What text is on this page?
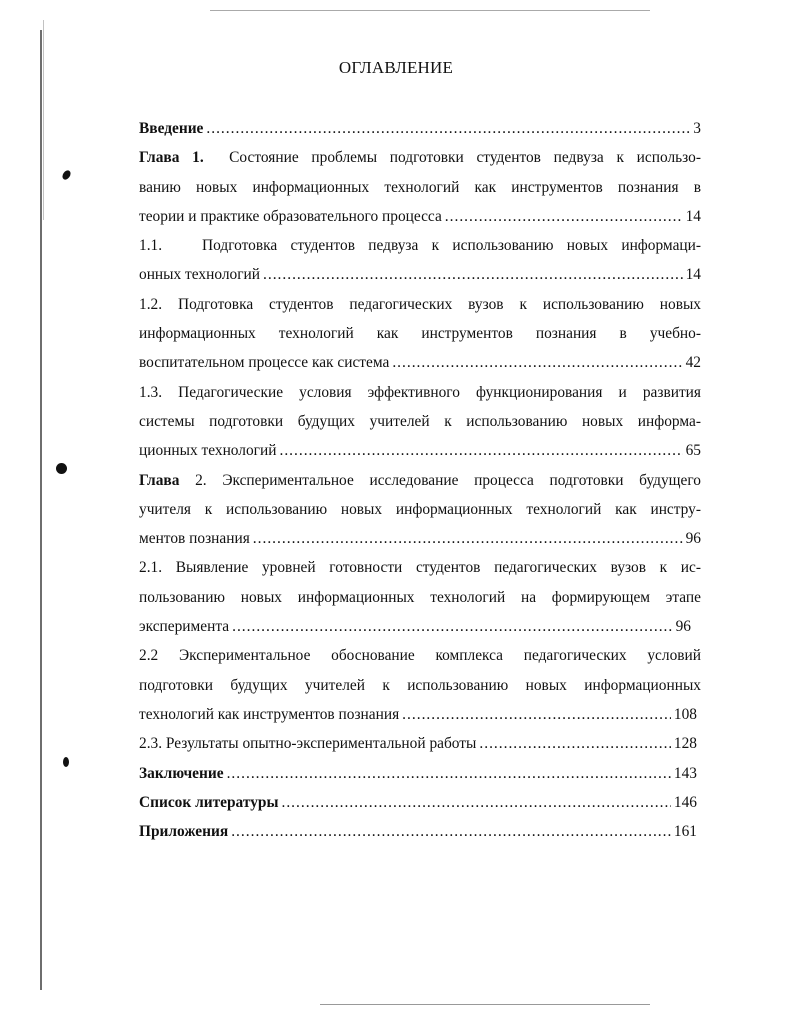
ОГЛАВЛЕНИЕ
Введение .....	3
Глава 1. Состояние проблемы подготовки студентов педвуза к использо-
ванию новых информационных технологий как инструментов познания в
теории и практике образовательного процесса .....	14
1.1.   Подготовка студентов педвуза к использованию новых информаци-
онных технологий .....	14
1.2. Подготовка студентов педагогических вузов к использованию новых
информационных технологий как инструментов познания в учебно-
воспитательном процессе как система .....	42
1.3. Педагогические условия эффективного функционирования и развития
системы подготовки будущих учителей к использованию новых информа-
ционных технологий .....	65
Глава 2. Экспериментальное исследование процесса подготовки будущего
учителя к использованию новых информационных технологий как инстру-
ментов познания .....	96
2.1. Выявление уровней готовности студентов педагогических вузов к ис-
пользованию новых информационных технологий на формирующем этапе
эксперимента .....	96
2.2 Экспериментальное обоснование комплекса педагогических условий
подготовки будущих учителей к использованию новых информационных
технологий как инструментов познания .....	108
2.3. Результаты опытно-экспериментальной работы .....	128
Заключение .....	143
Список литературы .....	146
Приложения .....	161
